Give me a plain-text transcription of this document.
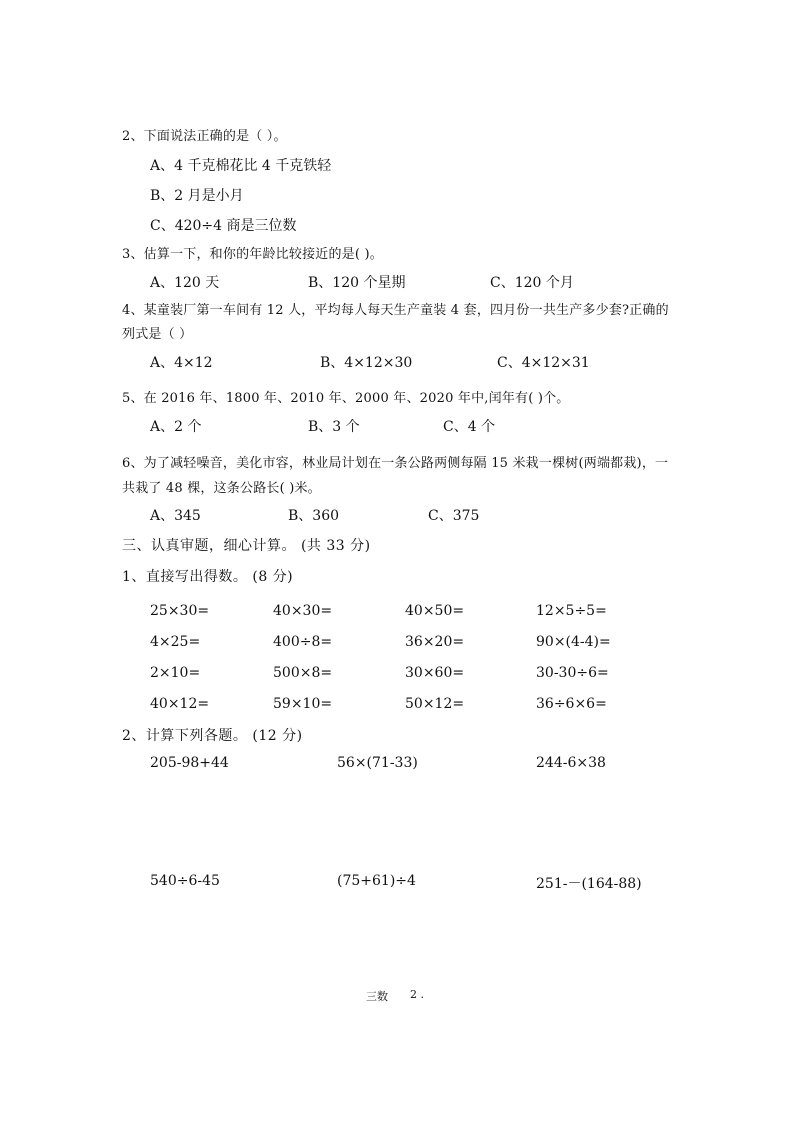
2、下面说法正确的是（ ）。
A、4 千克棉花比 4 千克铁轻
B、2 月是小月
C、420÷4 商是三位数
3、估算一下，和你的年龄比较接近的是( )。
A、120 天	B、120 个星期	C、120 个月
4、某童装厂第一车间有 12 人，平均每人每天生产童装 4 套，四月份一共生产多少套?正确的
列式是（ ）
A、4×12	B、4×12×30	C、4×12×31
5、在 2016 年、1800 年、2010 年、2000 年、2020 年中,闰年有( )个。
A、2 个	B、3 个	C、4 个
6、为了减轻噪音，美化市容，林业局计划在一条公路两侧每隔 15 米栽一棵树(两端都栽)，一
共栽了 48 棵，这条公路长( )米。
A、345	B、360	C、375
三、认真审题，细心计算。 (共 33 分)
1、直接写出得数。 (8 分)
25×30=	40×30=	40×50=	12×5÷5=
4×25=	400÷8=	36×20=	90×(4-4)=
2×10=	500×8=	30×60=	30-30÷6=
40×12=	59×10=	50×12=	36÷6×6=
2、计算下列各题。 (12 分)
205-98+44	56×(71-33)	244-6×38
540÷6-45	(75+61)÷4	251-－(164-88)
三数 2 .
